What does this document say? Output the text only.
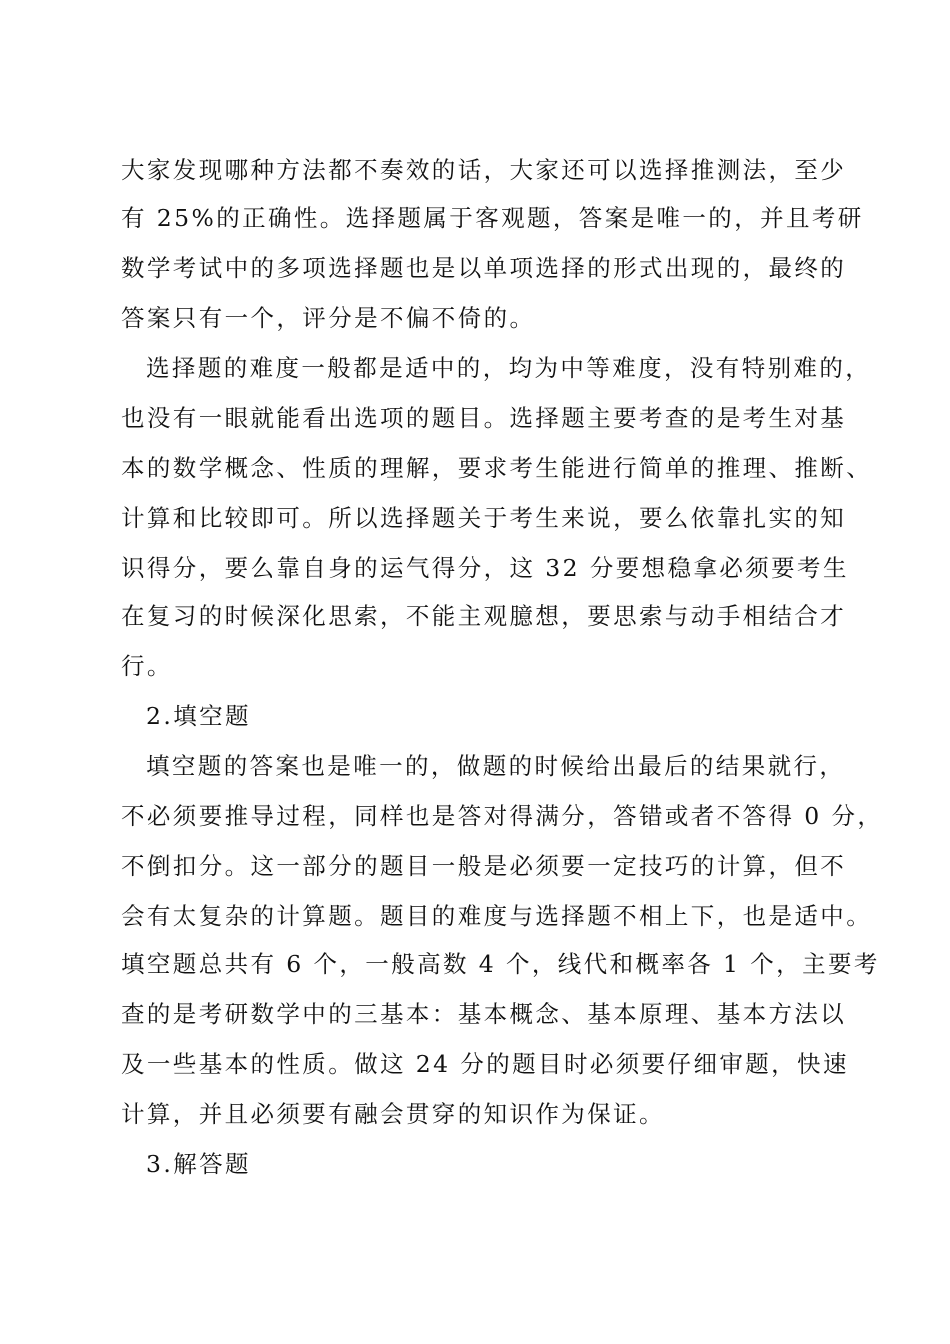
大家发现哪种方法都不奏效的话，大家还可以选择推测法，至少
有 25%的正确性。选择题属于客观题，答案是唯一的，并且考研
数学考试中的多项选择题也是以单项选择的形式出现的，最终的
答案只有一个，评分是不偏不倚的。
选择题的难度一般都是适中的，均为中等难度，没有特别难的，
也没有一眼就能看出选项的题目。选择题主要考查的是考生对基
本的数学概念、性质的理解，要求考生能进行简单的推理、推断、
计算和比较即可。所以选择题关于考生来说，要么依靠扎实的知
识得分，要么靠自身的运气得分，这 32 分要想稳拿必须要考生
在复习的时候深化思索，不能主观臆想，要思索与动手相结合才
行。
2.填空题
填空题的答案也是唯一的，做题的时候给出最后的结果就行，
不必须要推导过程，同样也是答对得满分，答错或者不答得 0 分，
不倒扣分。这一部分的题目一般是必须要一定技巧的计算，但不
会有太复杂的计算题。题目的难度与选择题不相上下，也是适中。
填空题总共有 6 个，一般高数 4 个，线代和概率各 1 个，主要考
查的是考研数学中的三基本：基本概念、基本原理、基本方法以
及一些基本的性质。做这 24 分的题目时必须要仔细审题，快速
计算，并且必须要有融会贯穿的知识作为保证。
3.解答题
